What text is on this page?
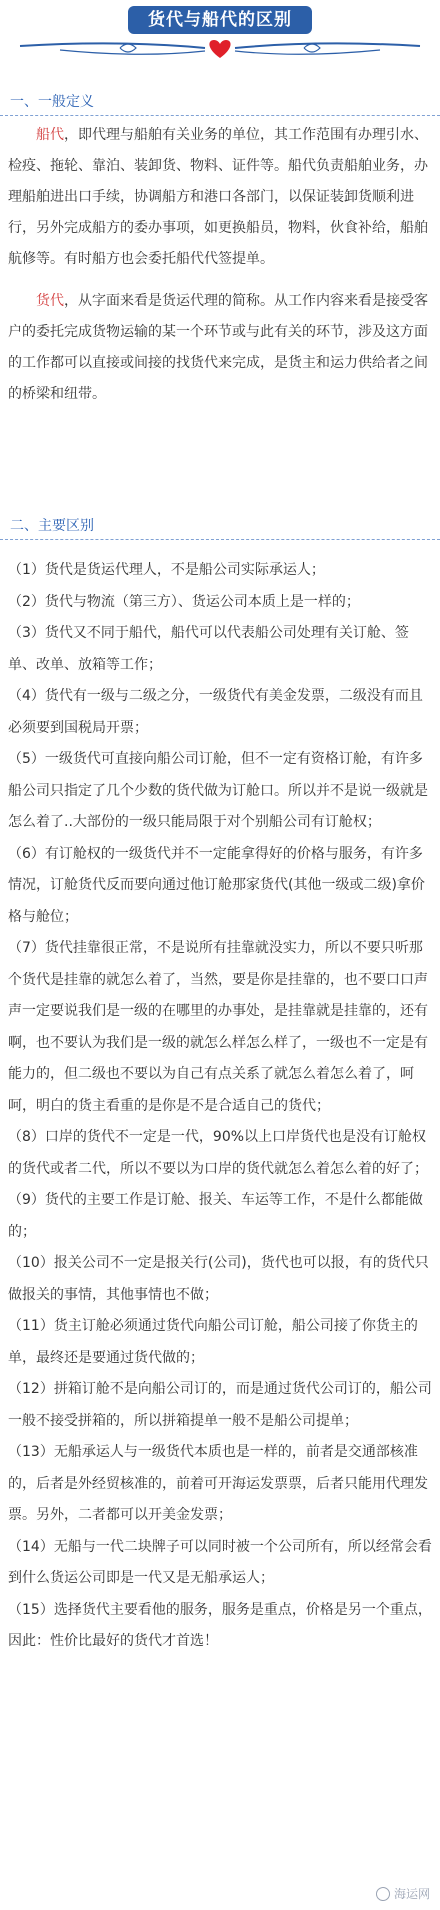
货代与船代的区别
一、一般定义
船代，即代理与船舶有关业务的单位，其工作范围有办理引水、检疫、拖轮、靠泊、装卸货、物料、证件等。船代负责船舶业务，办理船舶进出口手续，协调船方和港口各部门，以保证装卸货顺利进行，另外完成船方的委办事项，如更换船员，物料，伙食补给，船舶航修等。有时船方也会委托船代代签提单。
货代，从字面来看是货运代理的简称。从工作内容来看是接受客户的委托完成货物运输的某一个环节或与此有关的环节，涉及这方面的工作都可以直接或间接的找货代来完成，是货主和运力供给者之间的桥梁和纽带。
二、主要区别
（1）货代是货运代理人，不是船公司实际承运人；
（2）货代与物流（第三方）、货运公司本质上是一样的；
（3）货代又不同于船代，船代可以代表船公司处理有关订舱、签单、改单、放箱等工作；
（4）货代有一级与二级之分，一级货代有美金发票，二级没有而且必须要到国税局开票；
（5）一级货代可直接向船公司订舱，但不一定有资格订舱，有许多船公司只指定了几个少数的货代做为订舱口。所以并不是说一级就是怎么着了..大部份的一级只能局限于对个别船公司有订舱权；
（6）有订舱权的一级货代并不一定能拿得好的价格与服务，有许多情况，订舱货代反而要向通过他订舱那家货代(其他一级或二级)拿价格与舱位；
（7）货代挂靠很正常，不是说所有挂靠就没实力，所以不要只听那个货代是挂靠的就怎么着了，当然，要是你是挂靠的，也不要口口声声一定要说我们是一级的在哪里的办事处，是挂靠就是挂靠的，还有啊，也不要认为我们是一级的就怎么样怎么样了，一级也不一定是有能力的，但二级也不要以为自己有点关系了就怎么着怎么着了，呵呵，明白的货主看重的是你是不是合适自己的货代；
（8）口岸的货代不一定是一代，90%以上口岸货代也是没有订舱权的货代或者二代，所以不要以为口岸的货代就怎么着怎么着的好了；
（9）货代的主要工作是订舱、报关、车运等工作，不是什么都能做的；
（10）报关公司不一定是报关行(公司)，货代也可以报，有的货代只做报关的事情，其他事情也不做；
（11）货主订舱必须通过货代向船公司订舱，船公司接了你货主的单，最终还是要通过货代做的；
（12）拼箱订舱不是向船公司订的，而是通过货代公司订的，船公司一般不接受拼箱的，所以拼箱提单一般不是船公司提单；
（13）无船承运人与一级货代本质也是一样的，前者是交通部核准的，后者是外经贸核准的，前着可开海运发票票，后者只能用代理发票。另外，二者都可以开美金发票；
（14）无船与一代二块牌子可以同时被一个公司所有，所以经常会看到什么货运公司即是一代又是无船承运人；
（15）选择货代主要看他的服务，服务是重点，价格是另一个重点，因此：性价比最好的货代才首选！
海运网
